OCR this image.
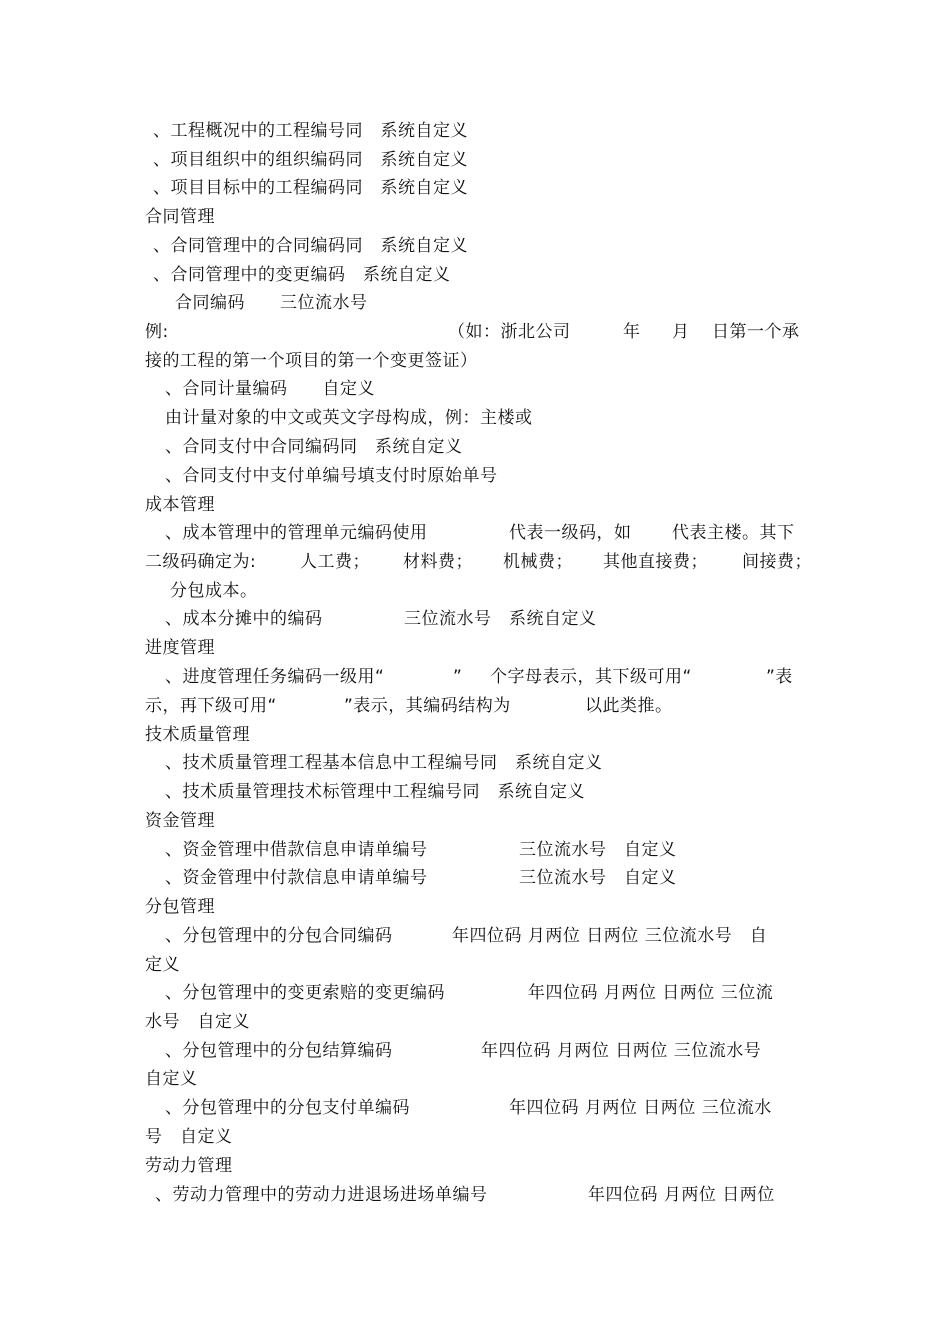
、工程概况中的工程编号同　系统自定义
、项目组织中的组织编码同　系统自定义
、项目目标中的工程编码同　系统自定义
合同管理
、合同管理中的合同编码同　系统自定义
、合同管理中的变更编码　系统自定义
合同编码　　三位流水号
例:	（如：浙北公司	年 月 日第一个承
接的工程的第一个项目的第一个变更签证）
、合同计量编码　　自定义
由计量对象的中文或英文字母构成，例：主楼或
、合同支付中合同编码同　系统自定义
、合同支付中支付单编号填支付时原始单号
成本管理
、成本管理中的管理单元编码使用	代表一级码，如 代表主楼。其下
二级码确定为:	人工费； 材料费； 机械费； 其他直接费； 间接费；
分包成本。
、成本分摊中的编码	三位流水号　系统自定义
进度管理
、进度管理任务编码一级用“	” 个字母表示，其下级可用“	”表
示，再下级可用“	”表示，其编码结构为	以此类推。
技术质量管理
、技术质量管理工程基本信息中工程编号同　系统自定义
、技术质量管理技术标管理中工程编号同　系统自定义
资金管理
、资金管理中借款信息申请单编号	三位流水号　自定义
、资金管理中付款信息申请单编号	三位流水号　自定义
分包管理
、分包管理中的分包合同编码	年四位码 月两位 日两位 三位流水号　自
定义
、分包管理中的变更索赔的变更编码	年四位码 月两位 日两位 三位流
水号　自定义
、分包管理中的分包结算编码	年四位码 月两位 日两位 三位流水号
自定义
、分包管理中的分包支付单编码	年四位码 月两位 日两位 三位流水
号　自定义
劳动力管理
、劳动力管理中的劳动力进退场进场单编号	年四位码 月两位 日两位
